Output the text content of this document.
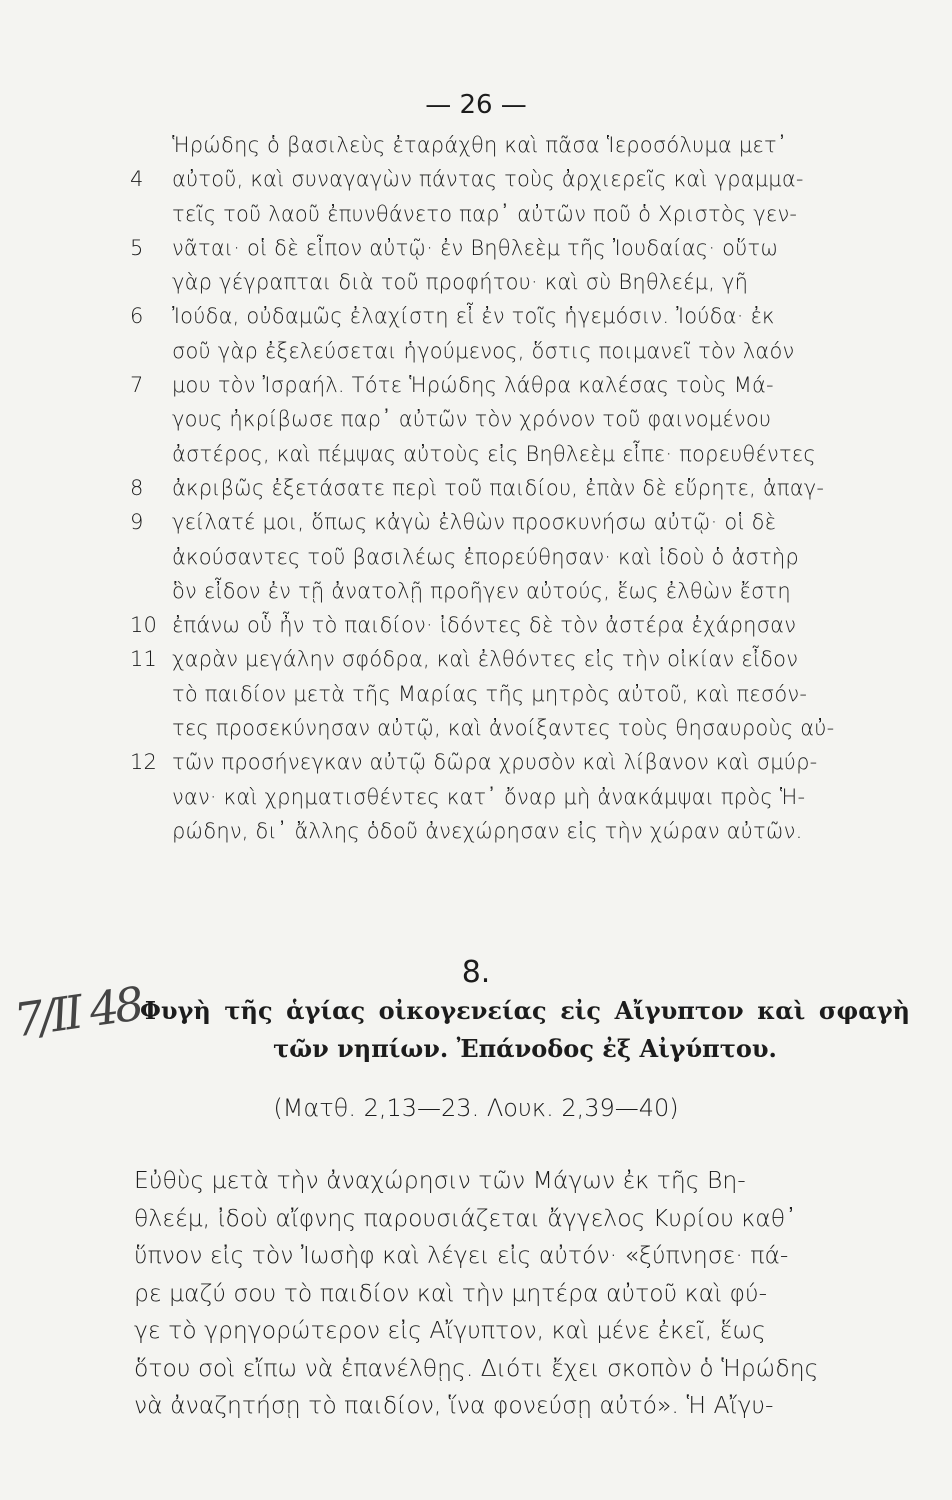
— 26 —
Ἡρώδης ὁ βασιλεὺς ἐταράχθη καὶ πᾶσα Ἱεροσόλυμα μετ᾽
4	αὐτοῦ, καὶ συναγαγὼν πάντας τοὺς ἀρχιερεῖς καὶ γραμμα-
τεῖς τοῦ λαοῦ ἐπυνθάνετο παρ᾽ αὐτῶν ποῦ ὁ Χριστὸς γεν-
5	νᾶται· οἱ δὲ εἶπον αὐτῷ· ἐν Βηθλεὲμ τῆς Ἰουδαίας· οὕτω
γὰρ γέγραπται διὰ τοῦ προφήτου· καὶ σὺ Βηθλεέμ, γῆ
6	Ἰούδα, οὐδαμῶς ἐλαχίστη εἶ ἐν τοῖς ἡγεμόσιν. Ἰούδα· ἐκ
σοῦ γὰρ ἐξελεύσεται ἡγούμενος, ὅστις ποιμανεῖ τὸν λαόν
7	μου τὸν Ἰσραήλ. Τότε Ἡρώδης λάθρα καλέσας τοὺς Μά-
γους ἠκρίβωσε παρ᾽ αὐτῶν τὸν χρόνον τοῦ φαινομένου
ἀστέρος, καὶ πέμψας αὐτοὺς εἰς Βηθλεὲμ εἶπε· πορευθέντες
8	ἀκριβῶς ἐξετάσατε περὶ τοῦ παιδίου, ἐπὰν δὲ εὕρητε, ἀπαγ-
9	γείλατέ μοι, ὅπως κἀγὼ ἐλθὼν προσκυνήσω αὐτῷ· οἱ δὲ
ἀκούσαντες τοῦ βασιλέως ἐπορεύθησαν· καὶ ἰδοὺ ὁ ἀστὴρ
ὃν εἶδον ἐν τῇ ἀνατολῇ προῆγεν αὐτούς, ἕως ἐλθὼν ἔστη
10 ἐπάνω οὗ ἦν τὸ παιδίον· ἰδόντες δὲ τὸν ἀστέρα ἐχάρησαν
11 χαρὰν μεγάλην σφόδρα, καὶ ἐλθόντες εἰς τὴν οἰκίαν εἶδον
τὸ παιδίον μετὰ τῆς Μαρίας τῆς μητρὸς αὐτοῦ, καὶ πεσόν-
τες προσεκύνησαν αὐτῷ, καὶ ἀνοίξαντες τοὺς θησαυροὺς αὐ-
12 τῶν προσήνεγκαν αὐτῷ δῶρα χρυσὸν καὶ λίβανον καὶ σμύρ-
ναν· καὶ χρηματισθέντες κατ᾽ ὄναρ μὴ ἀνακάμψαι πρὸς Ἡ-
ρώδην, δι᾽ ἄλλης ὁδοῦ ἀνεχώρησαν εἰς τὴν χώραν αὐτῶν.
7/II 48
8.
Φυγὴ τῆς ἁγίας οἰκογενείας εἰς Αἴγυπτον καὶ σφαγὴ
τῶν νηπίων. Ἐπάνοδος ἐξ Αἰγύπτου.
(Ματθ. 2,13—23. Λουκ. 2,39—40)
Εὐθὺς μετὰ τὴν ἀναχώρησιν τῶν Μάγων ἐκ τῆς Βη-
θλεέμ, ἰδοὺ αἴφνης παρουσιάζεται ἄγγελος Κυρίου καθ᾽
ὕπνον εἰς τὸν Ἰωσὴφ καὶ λέγει εἰς αὐτόν· «ξύπνησε· πά-
ρε μαζύ σου τὸ παιδίον καὶ τὴν μητέρα αὐτοῦ καὶ φύ-
γε τὸ γρηγορώτερον εἰς Αἴγυπτον, καὶ μένε ἐκεῖ, ἕως
ὅτου σοὶ εἴπω νὰ ἐπανέλθῃς. Διότι ἔχει σκοπὸν ὁ Ἡρώδης
νὰ ἀναζητήσῃ τὸ παιδίον, ἵνα φονεύσῃ αὐτό». Ἡ Αἴγυ-
